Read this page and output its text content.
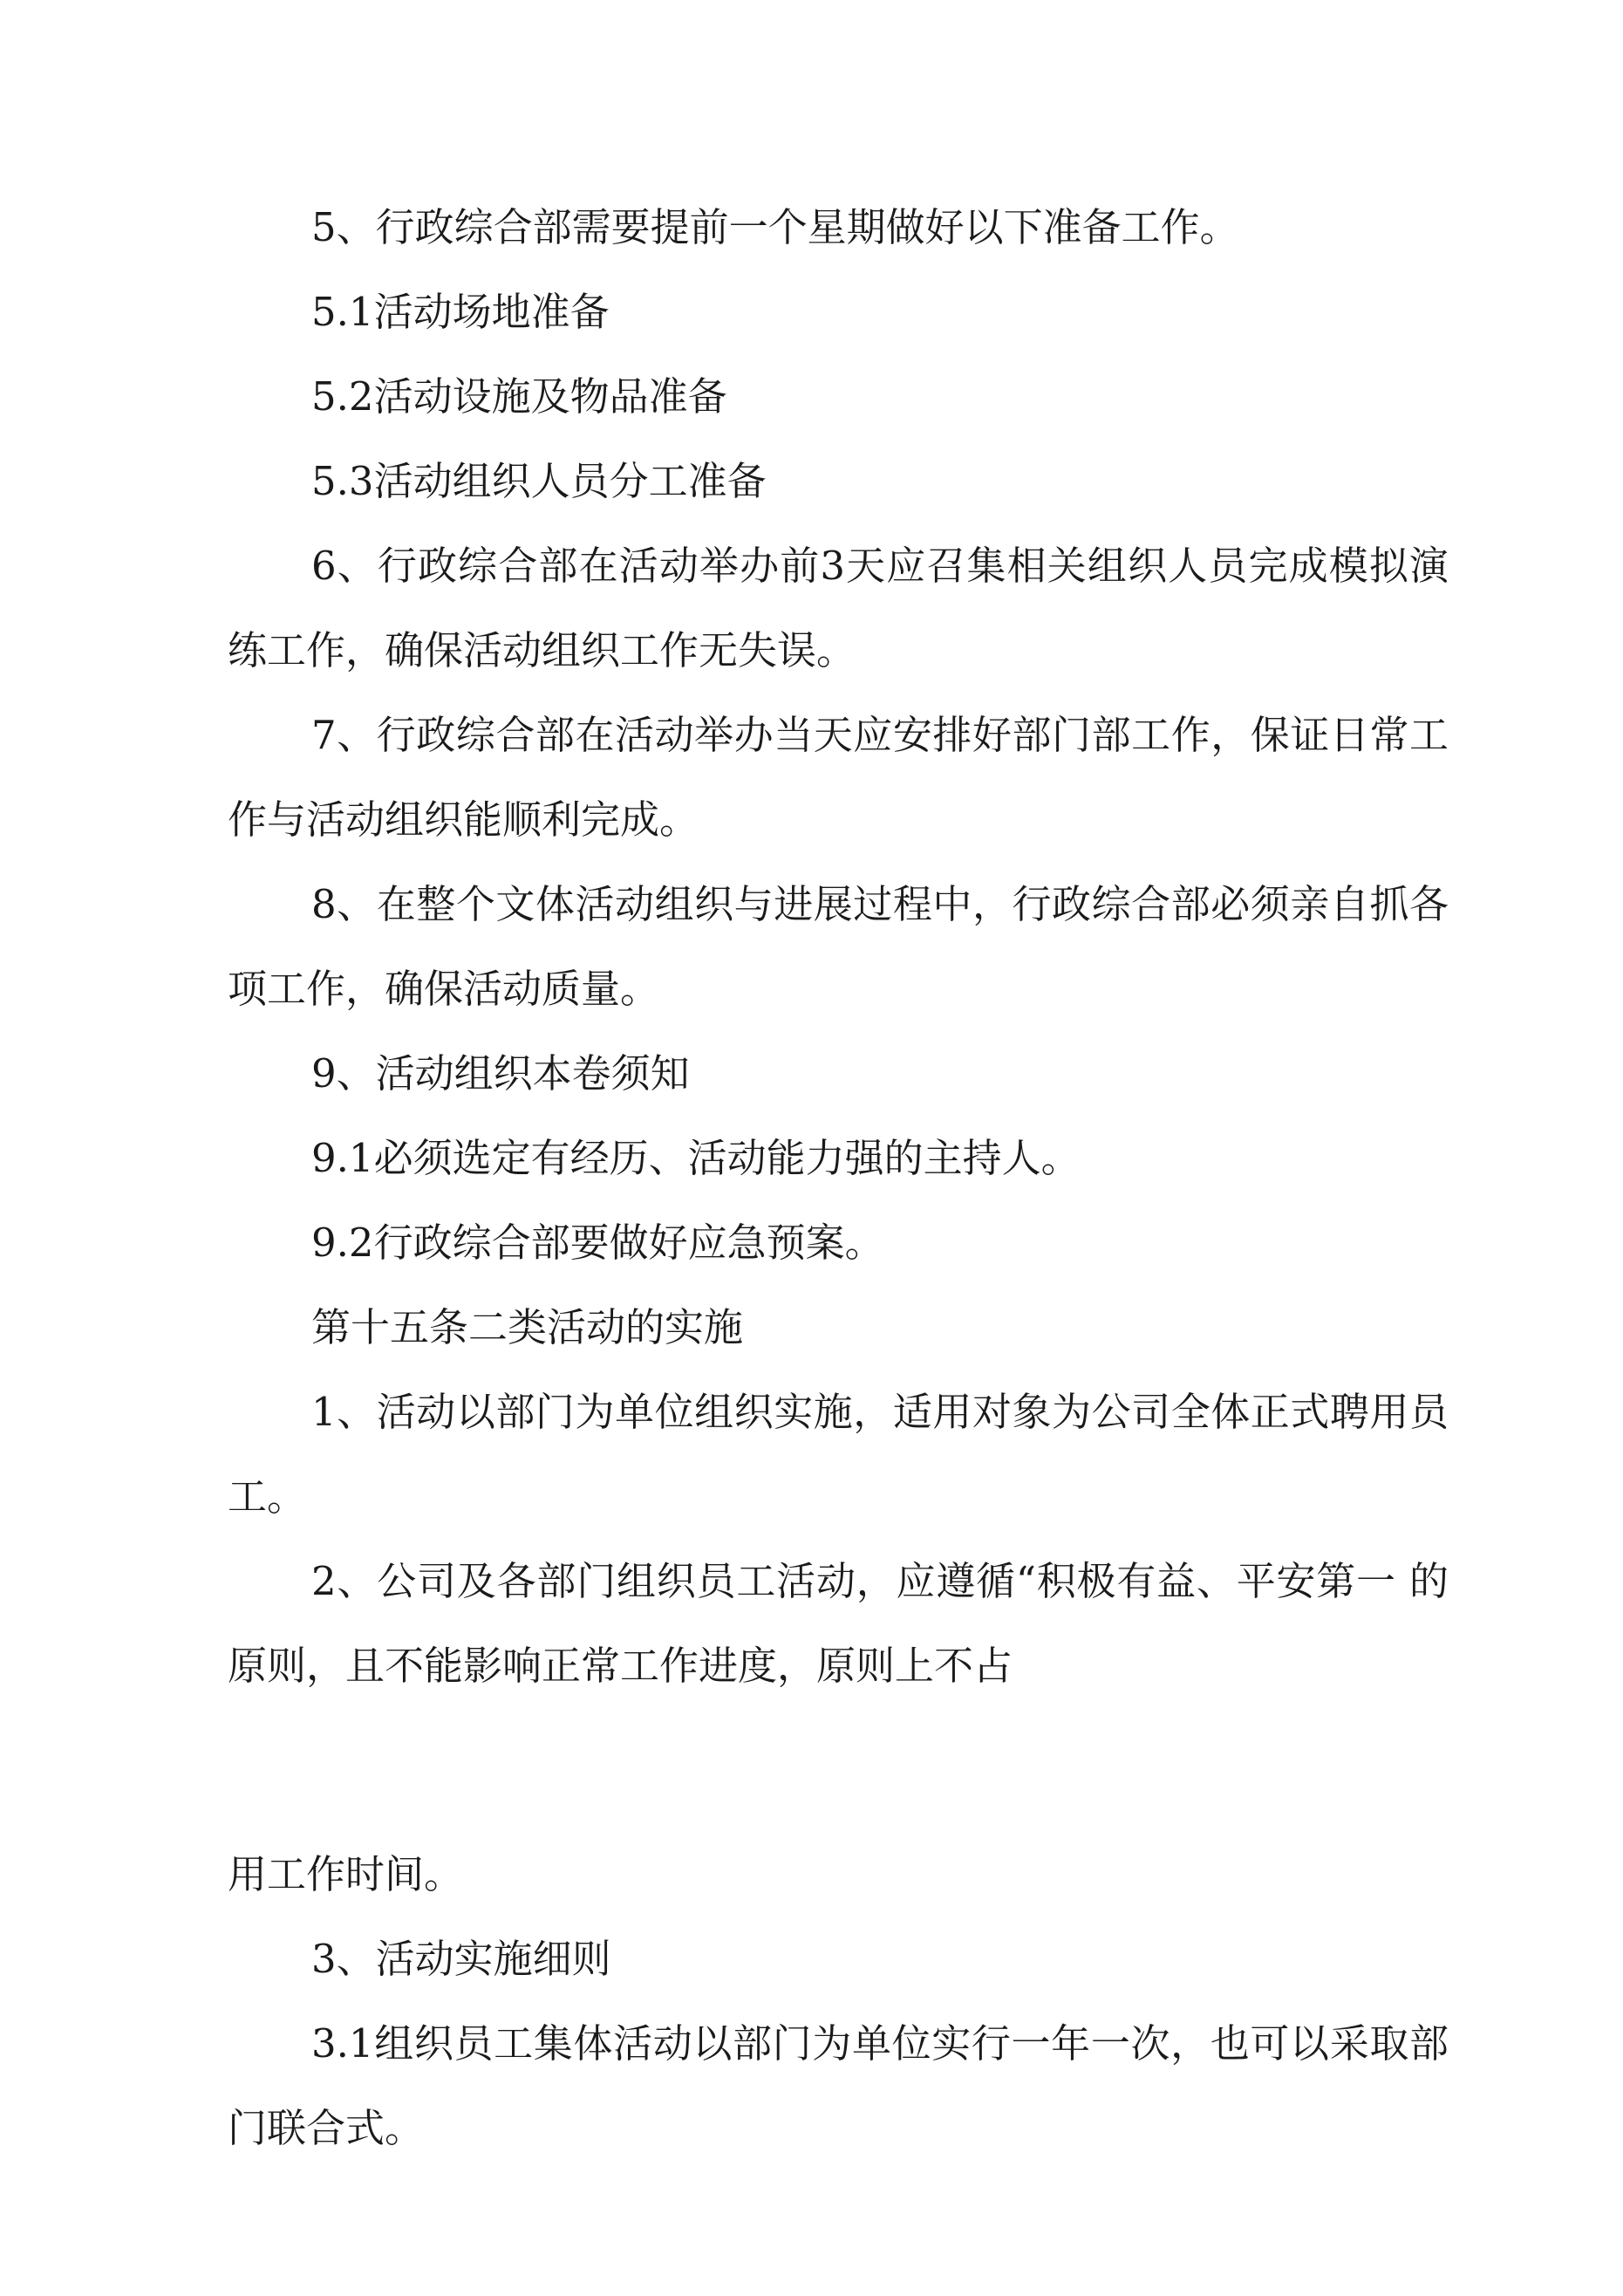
5、行政综合部需要提前一个星期做好以下准备工作。

5.1活动场地准备

5.2活动设施及物品准备

5.3活动组织人员分工准备

6、行政综合部在活动举办前3天应召集相关组织人员完成模拟演练工作，确保活动组织工作无失误。

7、行政综合部在活动举办当天应安排好部门部工作，保证日常工作与活动组织能顺利完成。

8、在整个文体活动组织与进展过程中，行政综合部必须亲自抓各项工作，确保活动质量。

9、活动组织本卷须知

9.1必须选定有经历、活动能力强的主持人。

9.2行政综合部要做好应急预案。

第十五条二类活动的实施

1、活动以部门为单位组织实施，适用对象为公司全体正式聘用员工。

2、公司及各部门组织员工活动，应遵循“积极有益、平安第一 的原则，且不能影响正常工作进度，原则上不占

用工作时间。

3、活动实施细则

3.1组织员工集体活动以部门为单位实行一年一次，也可以采取部门联合式。
